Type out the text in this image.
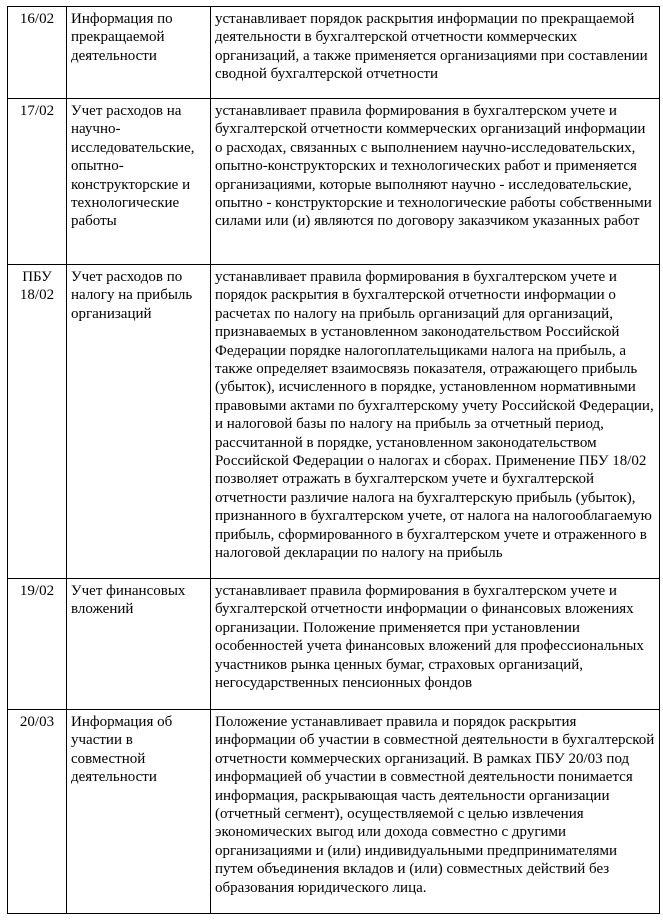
16/02	Информация по прекращаемой деятельности	устанавливает порядок раскрытия информации по прекращаемой деятельности в бухгалтерской отчетности коммерческих организаций, а также применяется организациями при составлении сводной бухгалтерской отчетности
17/02	Учет расходов на научно-исследовательские, опытно-конструкторские и технологические работы	устанавливает правила формирования в бухгалтерском учете и бухгалтерской отчетности коммерческих организаций информации о расходах, связанных с выполнением научно-исследовательских, опытно-конструкторских и технологических работ и применяется организациями, которые выполняют научно - исследовательские, опытно - конструкторские и технологические работы собственными силами или (и) являются по договору заказчиком указанных работ
ПБУ 18/02	Учет расходов по налогу на прибыль организаций	устанавливает правила формирования в бухгалтерском учете и порядок раскрытия в бухгалтерской отчетности информации о расчетах по налогу на прибыль организаций для организаций, признаваемых в установленном законодательством Российской Федерации порядке налогоплательщиками налога на прибыль, а также определяет взаимосвязь показателя, отражающего прибыль (убыток), исчисленного в порядке, установленном нормативными правовыми актами по бухгалтерскому учету Российской Федерации, и налоговой базы по налогу на прибыль за отчетный период, рассчитанной в порядке, установленном законодательством Российской Федерации о налогах и сборах. Применение ПБУ 18/02 позволяет отражать в бухгалтерском учете и бухгалтерской отчетности различие налога на бухгалтерскую прибыль (убыток), признанного в бухгалтерском учете, от налога на налогооблагаемую прибыль, сформированного в бухгалтерском учете и отраженного в налоговой декларации по налогу на прибыль
19/02	Учет финансовых вложений	устанавливает правила формирования в бухгалтерском учете и бухгалтерской отчетности информации о финансовых вложениях организации. Положение применяется при установлении особенностей учета финансовых вложений для профессиональных участников рынка ценных бумаг, страховых организаций, негосударственных пенсионных фондов
20/03	Информация об участии в совместной деятельности	Положение устанавливает правила и порядок раскрытия информации об участии в совместной деятельности в бухгалтерской отчетности коммерческих организаций. В рамках ПБУ 20/03 под информацией об участии в совместной деятельности понимается информация, раскрывающая часть деятельности организации (отчетный сегмент), осуществляемой с целью извлечения экономических выгод или дохода совместно с другими организациями и (или) индивидуальными предпринимателями путем объединения вкладов и (или) совместных действий без образования юридического лица.
